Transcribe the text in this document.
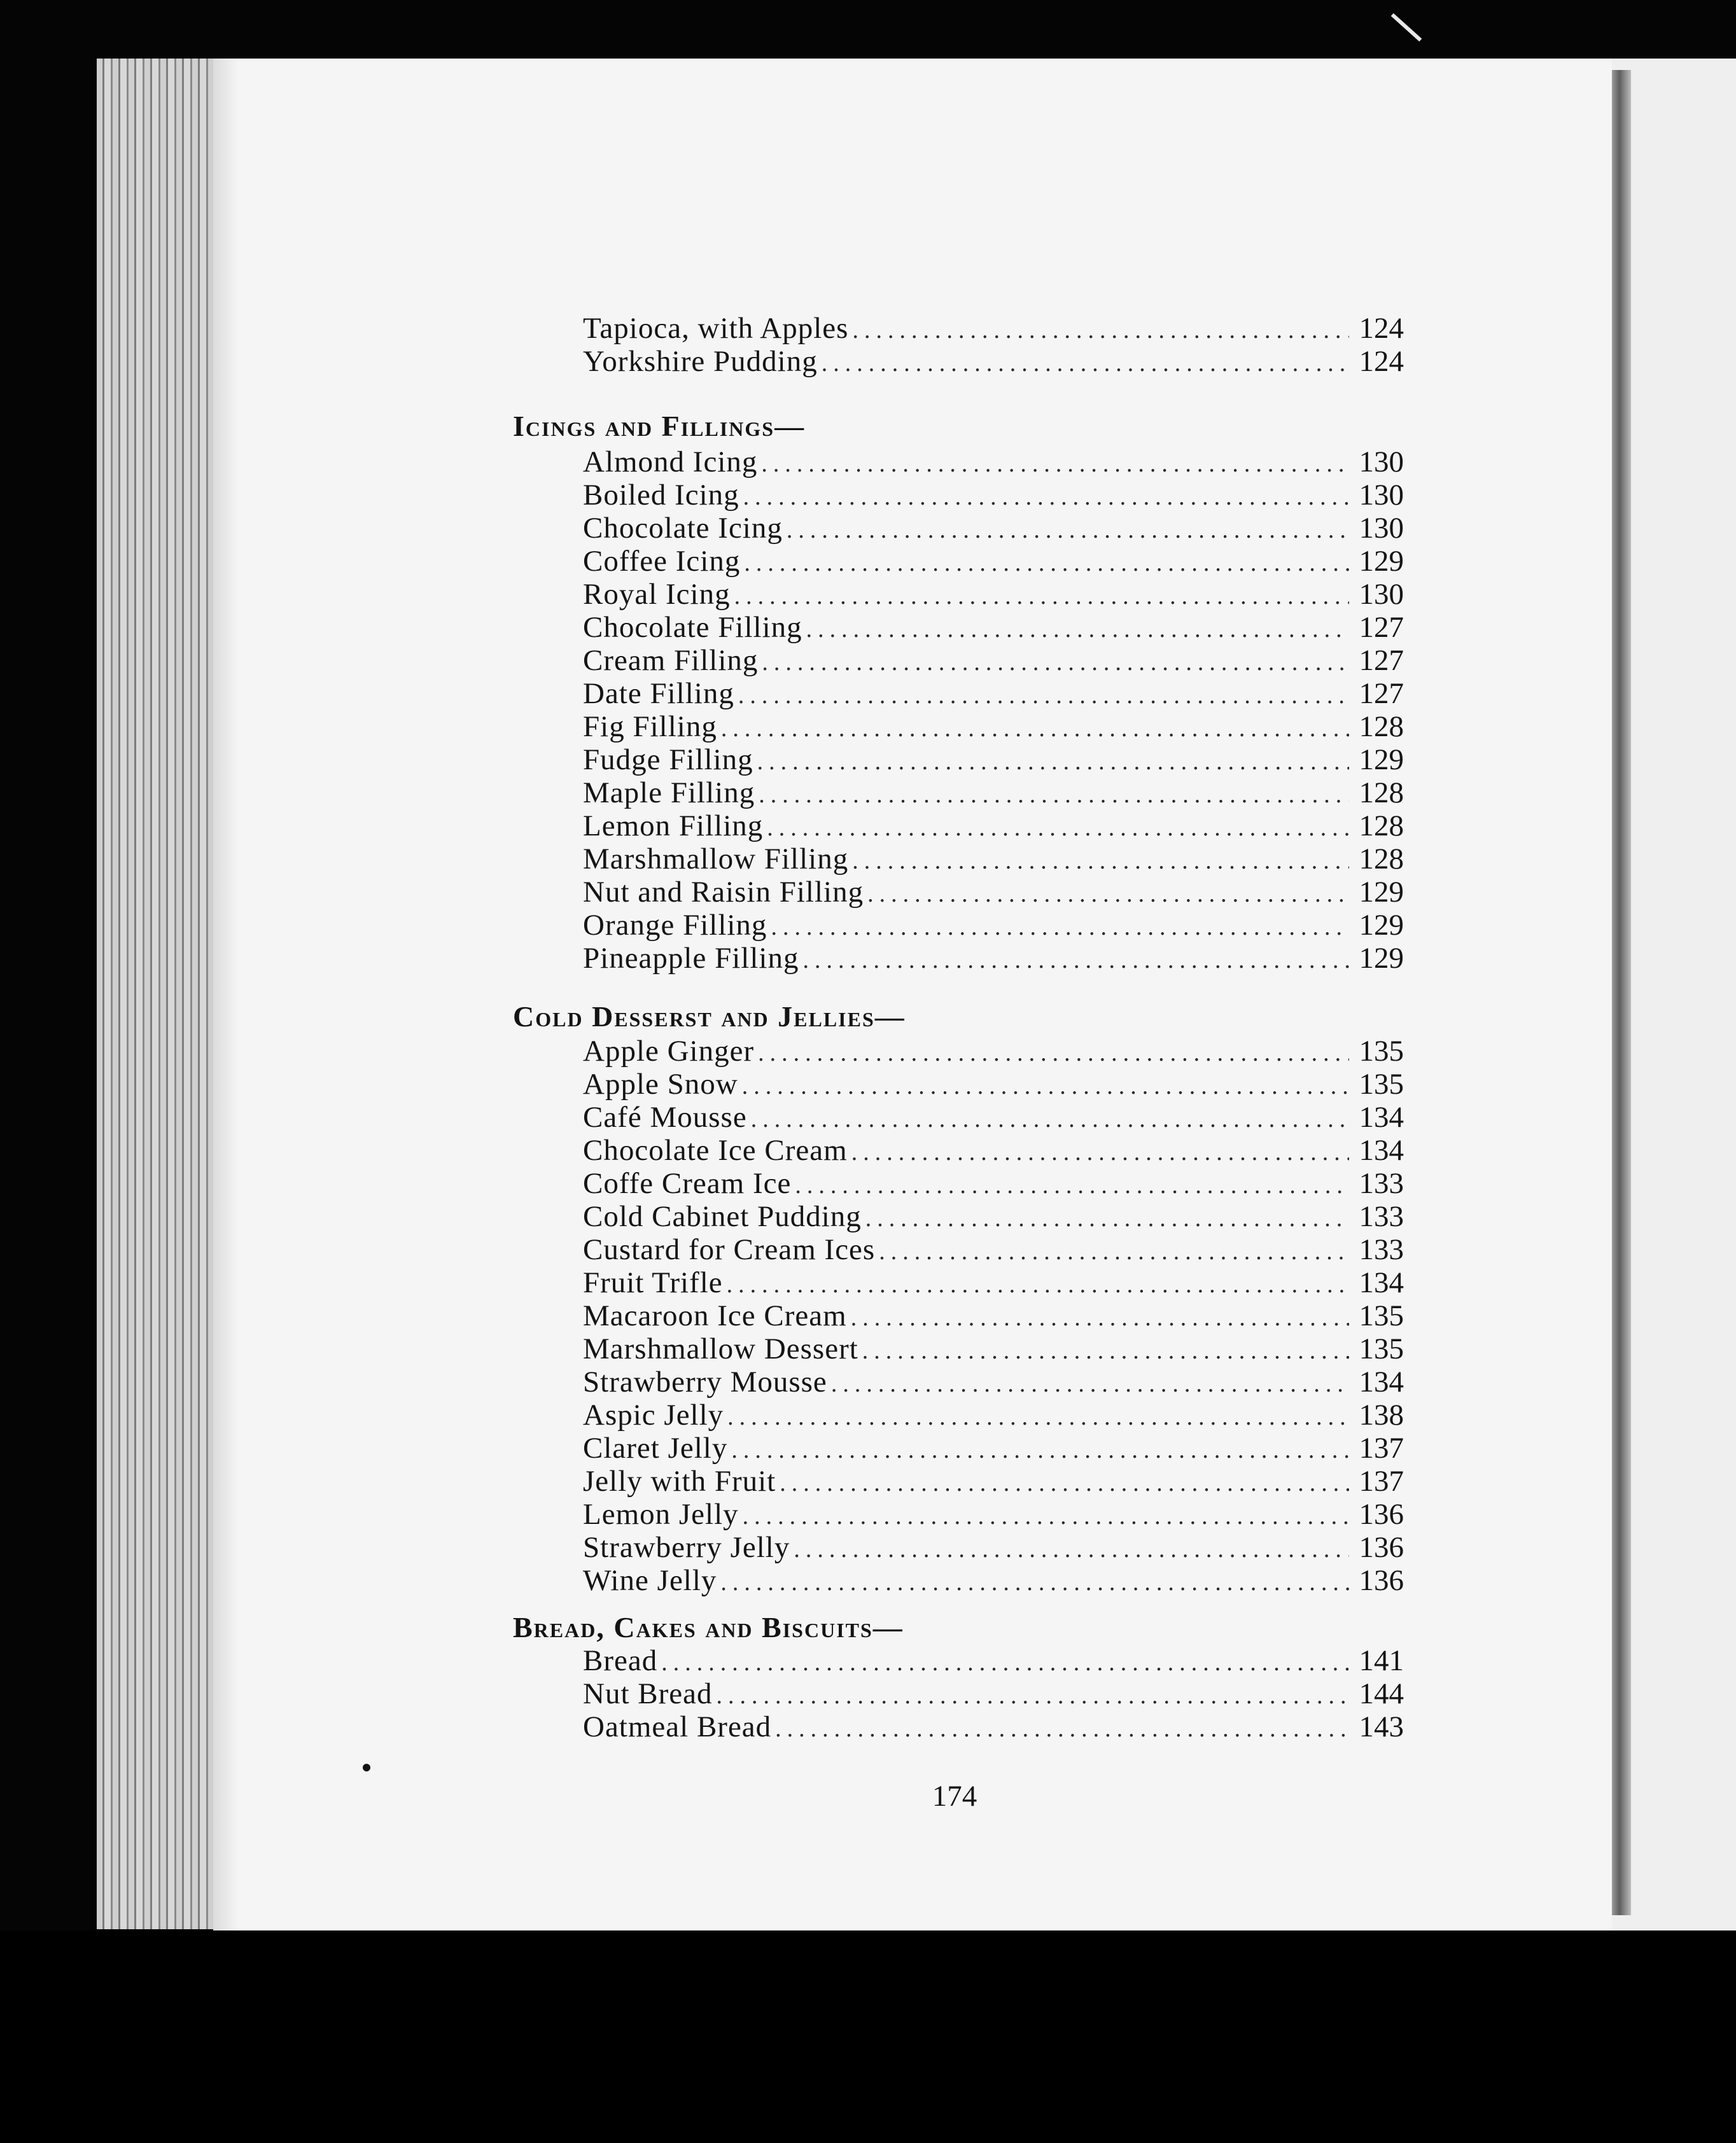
Tapioca, with Apples .....	124
Yorkshire Pudding .....	124
Icings and Fillings—
Almond Icing .....	130
Boiled Icing .....	130
Chocolate Icing .....	130
Coffee Icing .....	129
Royal Icing .....	130
Chocolate Filling .....	127
Cream Filling .....	127
Date Filling .....	127
Fig Filling .....	128
Fudge Filling .....	129
Maple Filling .....	128
Lemon Filling .....	128
Marshmallow Filling .....	128
Nut and Raisin Filling .....	129
Orange Filling .....	129
Pineapple Filling .....	129
Cold Desserst and Jellies—
Apple Ginger .....	135
Apple Snow .....	135
Café Mousse .....	134
Chocolate Ice Cream .....	134
Coffe Cream Ice .....	133
Cold Cabinet Pudding .....	133
Custard for Cream Ices .....	133
Fruit Trifle .....	134
Macaroon Ice Cream .....	135
Marshmallow Dessert .....	135
Strawberry Mousse .....	134
Aspic Jelly .....	138
Claret Jelly .....	137
Jelly with Fruit .....	137
Lemon Jelly .....	136
Strawberry Jelly .....	136
Wine Jelly .....	136
Bread, Cakes and Biscuits—
Bread .....	141
Nut Bread .....	144
Oatmeal Bread .....	143
174
